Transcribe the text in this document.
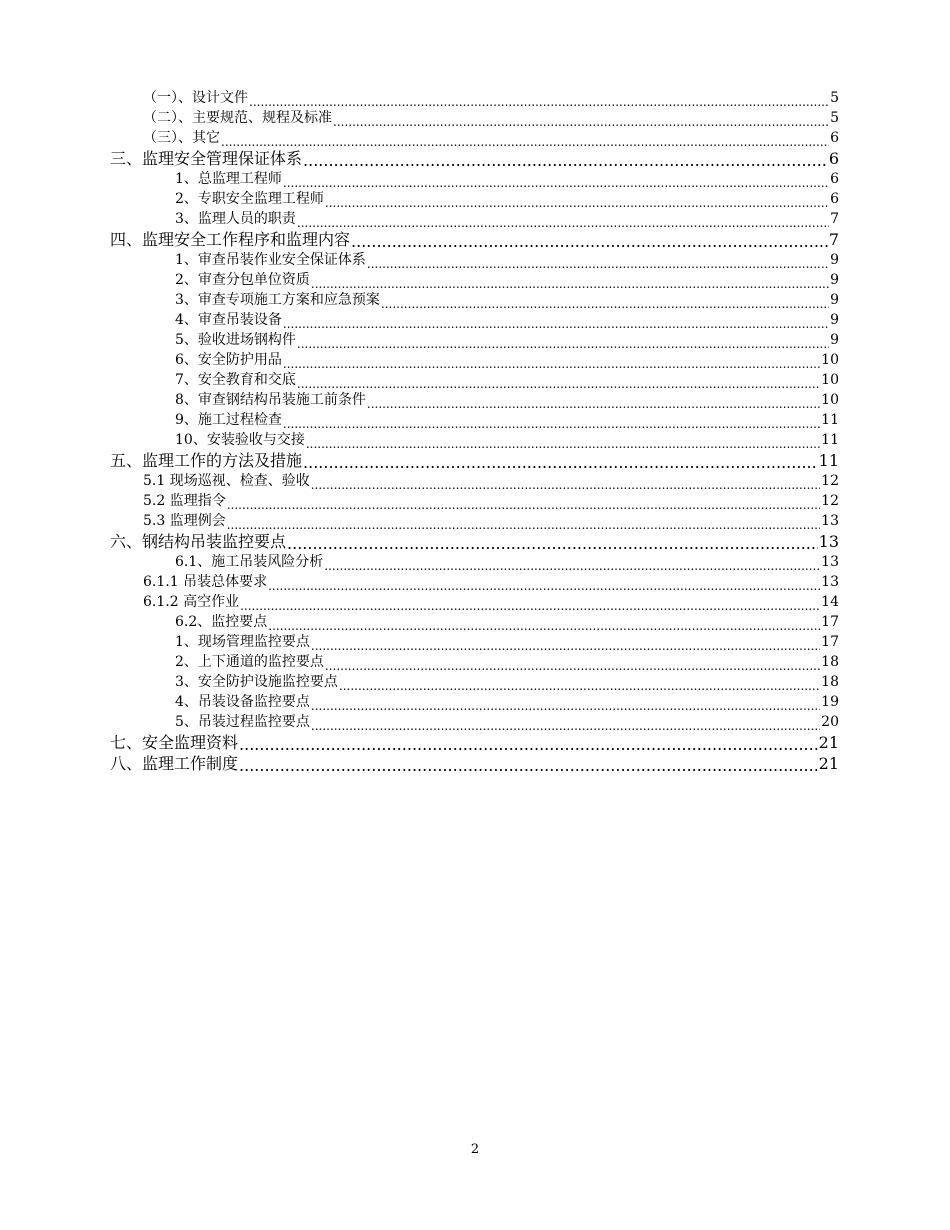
（一）、设计文件 .....	5
（二）、主要规范、规程及标准 .....	5
（三）、其它 .....	6
三、监理安全管理保证体系 .....	6
1、总监理工程师 .....	6
2、专职安全监理工程师 .....	6
3、监理人员的职责 .....	7
四、监理安全工作程序和监理内容 .....	7
1、审查吊装作业安全保证体系 .....	9
2、审查分包单位资质 .....	9
3、审查专项施工方案和应急预案 .....	9
4、审查吊装设备 .....	9
5、验收进场钢构件 .....	9
6、安全防护用品 .....	10
7、安全教育和交底 .....	10
8、审查钢结构吊装施工前条件 .....	10
9、施工过程检查 .....	11
10、安装验收与交接 .....	11
五、监理工作的方法及措施 .....	11
5.1 现场巡视、检查、验收 .....	12
5.2 监理指令 .....	12
5.3 监理例会 .....	13
六、钢结构吊装监控要点 .....	13
6.1、施工吊装风险分析 .....	13
6.1.1 吊装总体要求 .....	13
6.1.2 高空作业 .....	14
6.2、监控要点 .....	17
1、现场管理监控要点 .....	17
2、上下通道的监控要点 .....	18
3、安全防护设施监控要点 .....	18
4、吊装设备监控要点 .....	19
5、吊装过程监控要点 .....	20
七、安全监理资料 .....	21
八、监理工作制度 .....	21
2
